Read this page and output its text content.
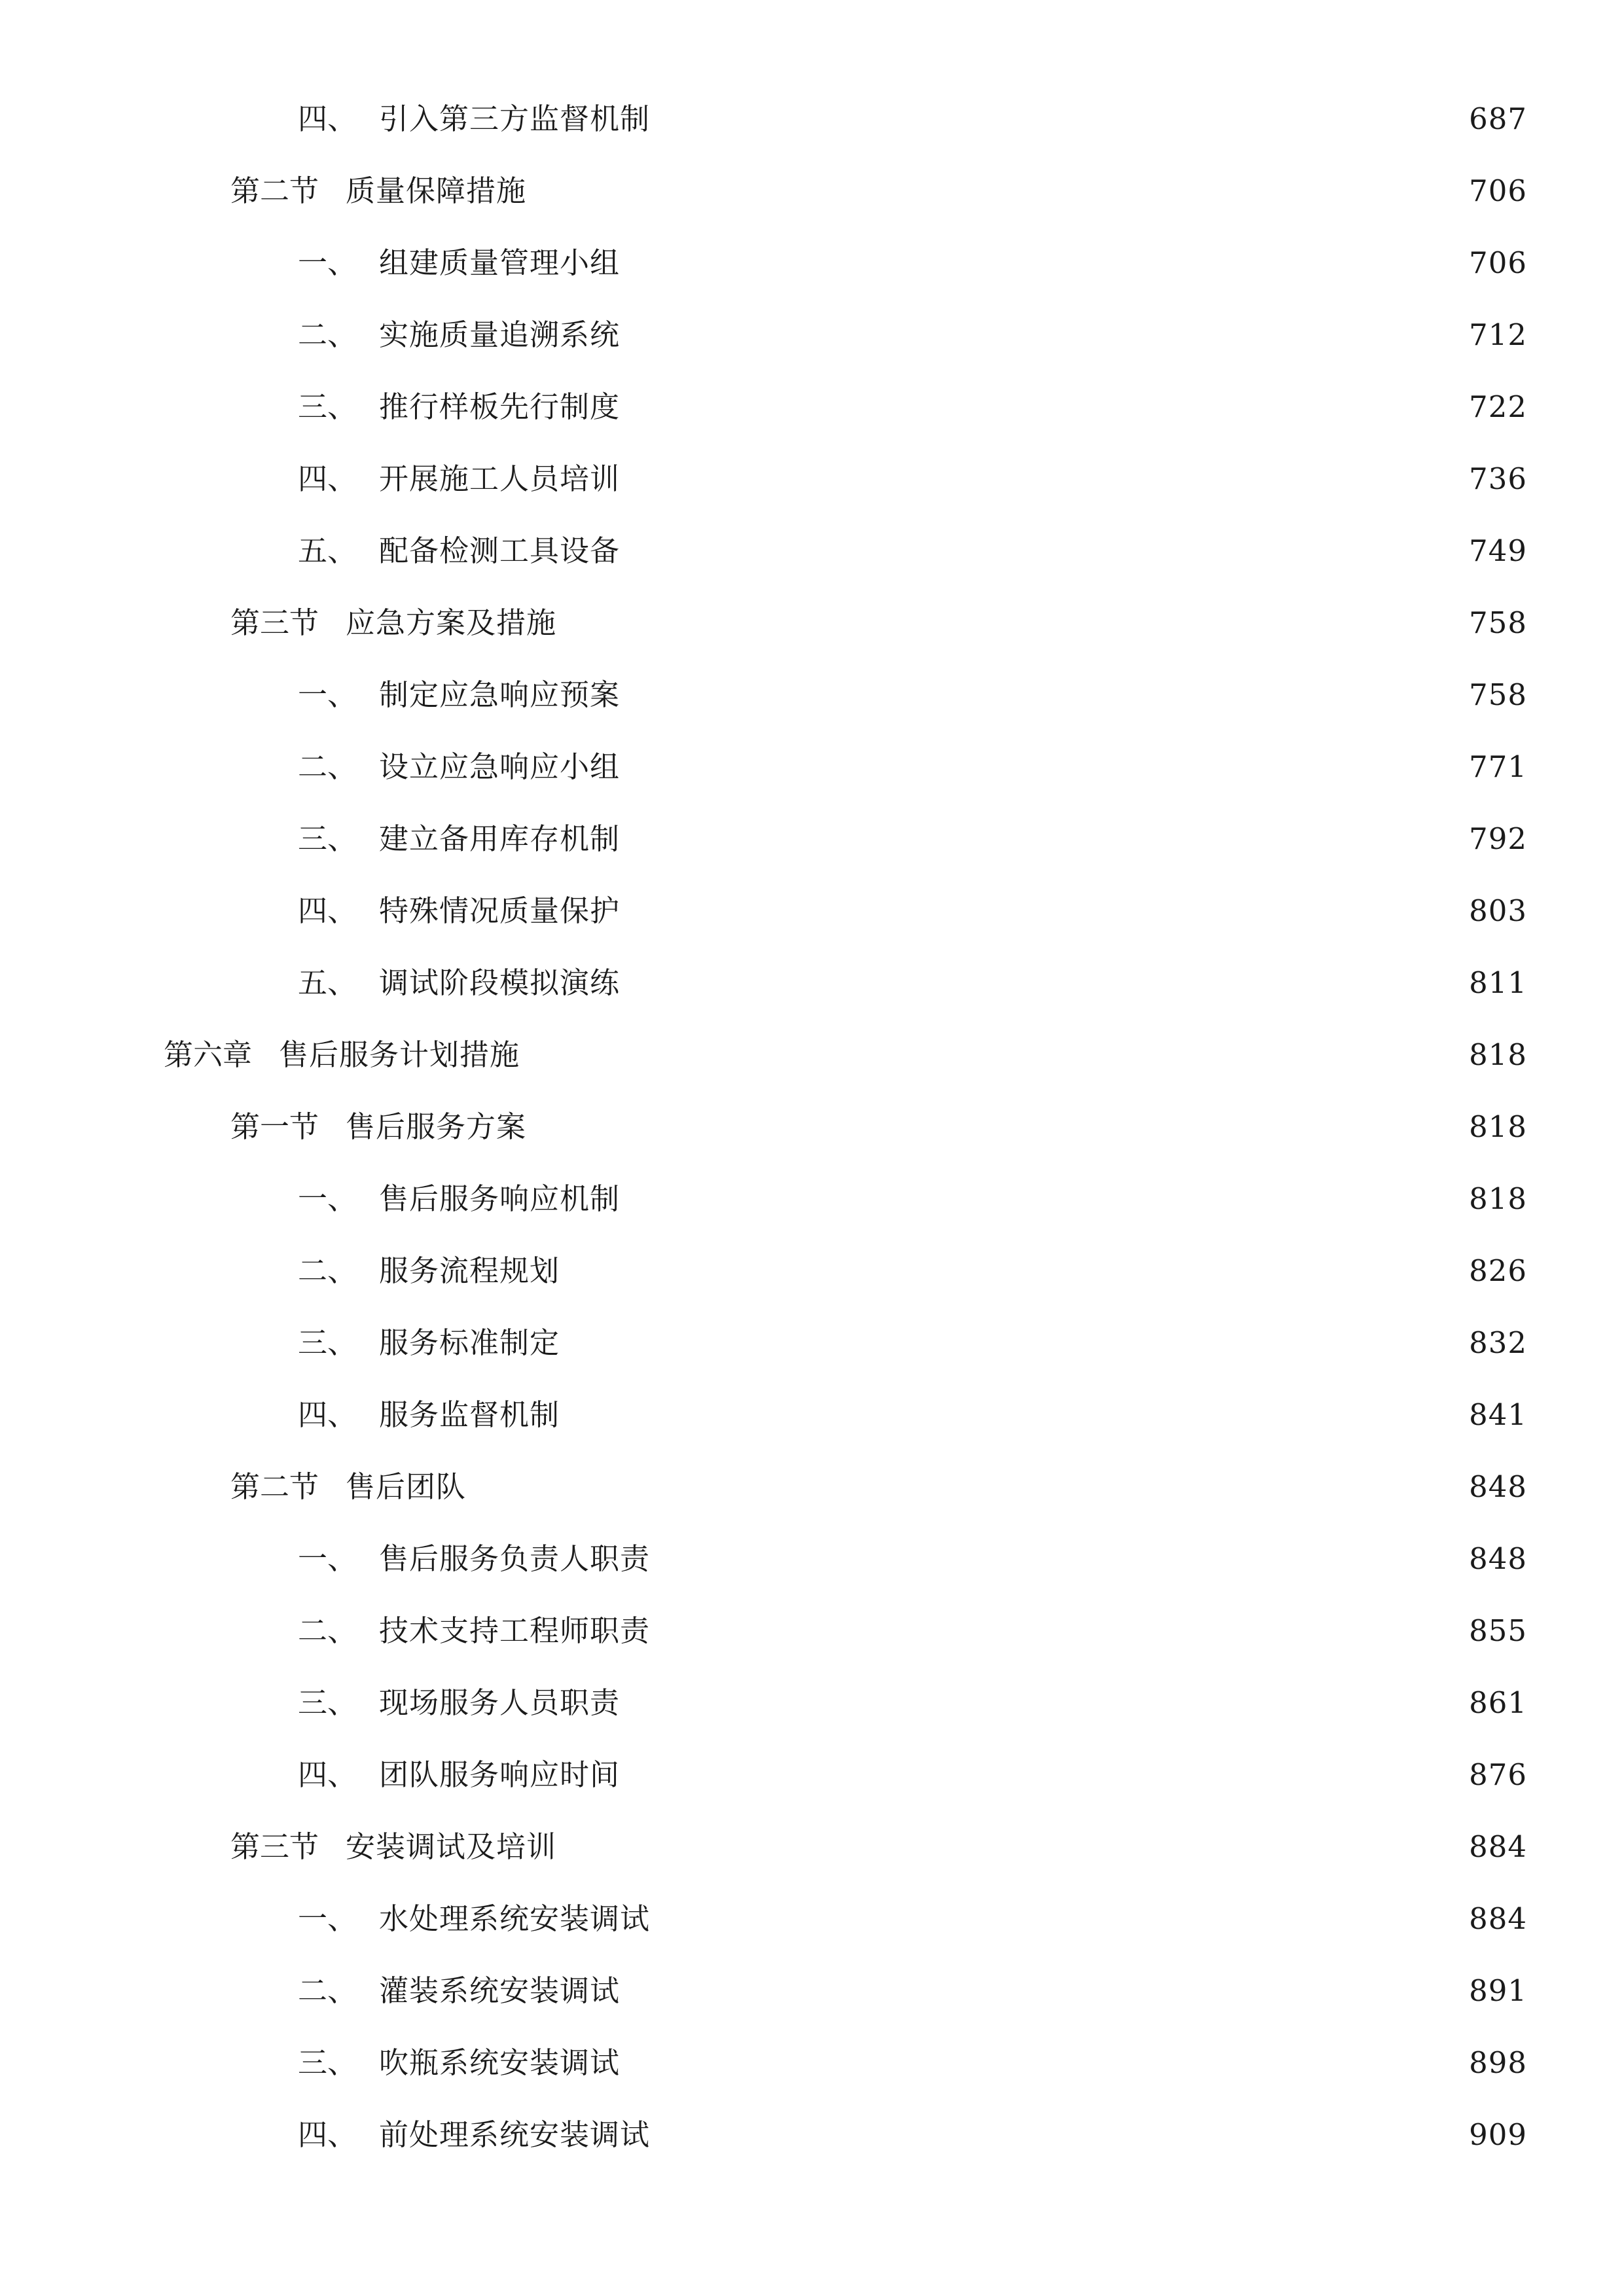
四、 引入第三方监督机制	687
第二节 质量保障措施	706
一、 组建质量管理小组	706
二、 实施质量追溯系统	712
三、 推行样板先行制度	722
四、 开展施工人员培训	736
五、 配备检测工具设备	749
第三节 应急方案及措施	758
一、 制定应急响应预案	758
二、 设立应急响应小组	771
三、 建立备用库存机制	792
四、 特殊情况质量保护	803
五、 调试阶段模拟演练	811
第六章 售后服务计划措施	818
第一节 售后服务方案	818
一、 售后服务响应机制	818
二、 服务流程规划	826
三、 服务标准制定	832
四、 服务监督机制	841
第二节 售后团队	848
一、 售后服务负责人职责	848
二、 技术支持工程师职责	855
三、 现场服务人员职责	861
四、 团队服务响应时间	876
第三节 安装调试及培训	884
一、 水处理系统安装调试	884
二、 灌装系统安装调试	891
三、 吹瓶系统安装调试	898
四、 前处理系统安装调试	909
